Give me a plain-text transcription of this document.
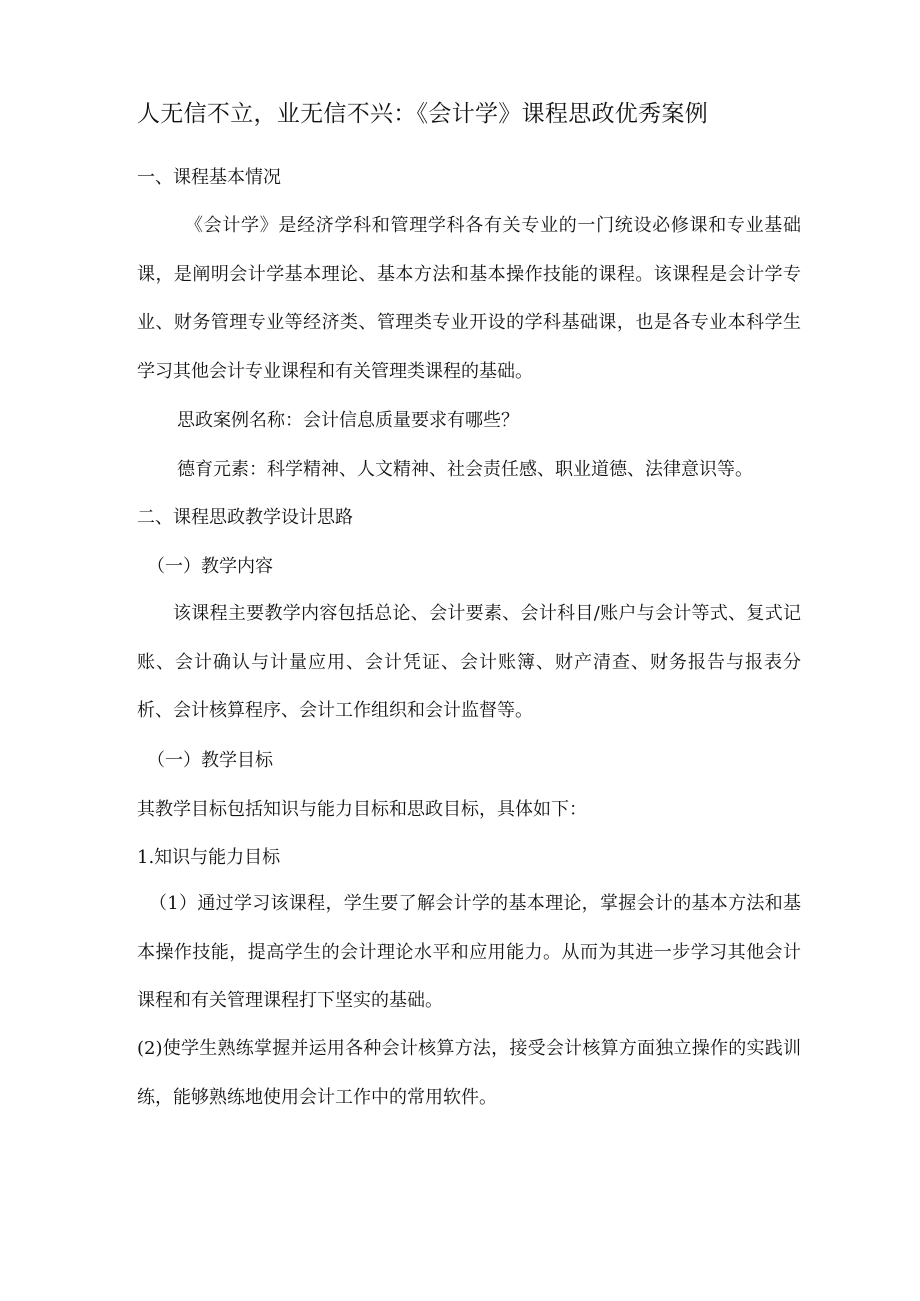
人无信不立，业无信不兴：《会计学》课程思政优秀案例
一、课程基本情况
《会计学》是经济学科和管理学科各有关专业的一门统设必修课和专业基础课，是阐明会计学基本理论、基本方法和基本操作技能的课程。该课程是会计学专业、财务管理专业等经济类、管理类专业开设的学科基础课，也是各专业本科学生学习其他会计专业课程和有关管理类课程的基础。
思政案例名称：会计信息质量要求有哪些？
德育元素：科学精神、人文精神、社会责任感、职业道德、法律意识等。
二、课程思政教学设计思路
（一）教学内容
该课程主要教学内容包括总论、会计要素、会计科目/账户与会计等式、复式记账、会计确认与计量应用、会计凭证、会计账簿、财产清查、财务报告与报表分析、会计核算程序、会计工作组织和会计监督等。
（一）教学目标
其教学目标包括知识与能力目标和思政目标，具体如下：
1.知识与能力目标
（1）通过学习该课程，学生要了解会计学的基本理论，掌握会计的基本方法和基本操作技能，提高学生的会计理论水平和应用能力。从而为其进一步学习其他会计课程和有关管理课程打下坚实的基础。
(2)使学生熟练掌握并运用各种会计核算方法，接受会计核算方面独立操作的实践训练，能够熟练地使用会计工作中的常用软件。
